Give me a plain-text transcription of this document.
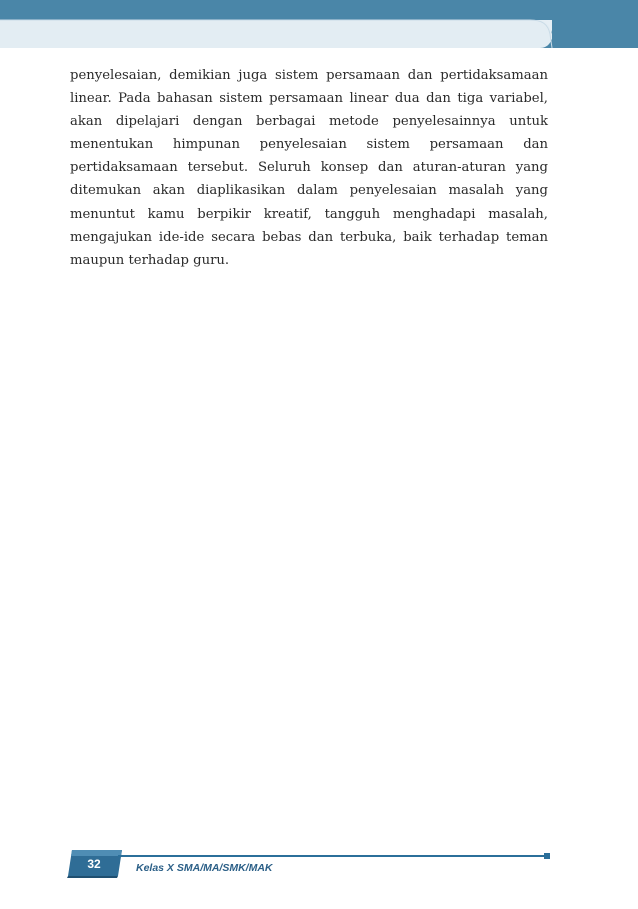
penyelesaian, demikian juga sistem persamaan dan pertidaksamaan linear. Pada bahasan sistem persamaan linear dua dan tiga variabel, akan dipelajari dengan berbagai metode penyelesainnya untuk menentukan himpunan penyelesaian sistem persamaan dan pertidaksamaan tersebut. Seluruh konsep dan aturan-aturan yang ditemukan akan diaplikasikan dalam penyelesaian masalah yang menuntut kamu berpikir kreatif, tangguh menghadapi masalah, mengajukan ide-ide secara bebas dan terbuka, baik terhadap teman maupun terhadap guru.

32	Kelas X SMA/MA/SMK/MAK
